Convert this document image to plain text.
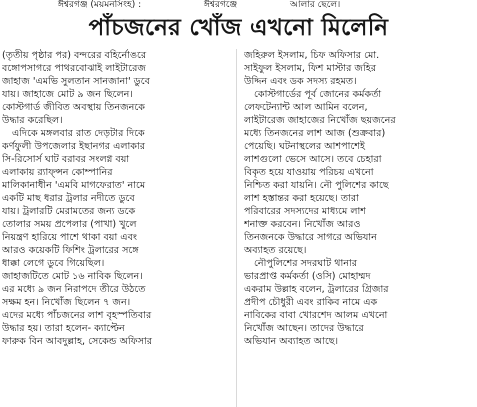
ঈশ্বরগঞ্জ (ময়মনসিংহ) :	ঈশ্বরগঞ্জে	আলার ছেলে।
পাঁচজনের খোঁজ এখনো মিলেনি
(তৃতীয় পৃষ্ঠার পর) বন্দরের বহির্নোঙরে
বঙ্গোপসাগরে পাথরবোঝাই লাইটারেজ
জাহাজ 'এমভি সুলতান সানজানা' ডুবে
যায়। জাহাজে মোট ৯ জন ছিলেন।
কোস্টগার্ড জীবিত অবস্থায় তিনজনকে
উদ্ধার করেছিল।
এদিকে মঙ্গলবার রাত দেড়টার দিকে
কর্ণফুলী উপজেলার ইছানগর এলাকার
সি-রিসোর্স ঘাট বরাবর সংলগ্ন বয়া
এলাকায় র‌্যাফ্ন্সন কোম্পানির
মালিকানাধীন 'এমবি মাগফেরাত' নামে
একটি মাছ ধরার ট্রলার নদীতে ডুবে
যায়। ট্রলারটি মেরামতের জন্য ডকে
তোলার সময় প্রপেলার (পাখা) খুলে
নিয়ন্ত্রণ হারিয়ে পাশে থাকা বয়া এবং
আরও কয়েকটি ফিশিং ট্রলারের সঙ্গে
ধাক্কা লেগে ডুবে গিয়েছিল।
জাহাজটিতে মোট ১৬ নাবিক ছিলেন।
এর মধ্যে ৯ জন নিরাপদে তীরে উঠতে
সক্ষম হন। নিখোঁজ ছিলেন ৭ জন।
এদের মধ্যে পাঁচজনের লাশ বৃহস্পতিবার
উদ্ধার হয়। তারা হলেন- ক্যাপ্টেন
ফারুক বিন আবদুল্লাহ, সেকেন্ড অফিসার
জহিরুল ইসলাম, চিফ অফিসার মো.
সাইফুল ইসলাম, ফিশ মাস্টার জহির
উদ্দিন এবং ডক সদস্য রহমত।
কোস্টগার্ডের পূর্ব জোনের কর্মকর্তা
লেফটেন্যান্ট আল আমিন বলেন,
লাইটারেজ জাহাজের নিখোঁজ ছয়জনের
মধ্যে তিনজনের লাশ আজ (শুক্রবার)
পেয়েছি। ঘটনাস্থলের আশপাশেই
লাশগুলো ভেসে আসে। তবে চেহারা
বিকৃত হয়ে যাওয়ায় পরিচয় এখনো
নিশ্চিত করা যায়নি। নৌ পুলিশের কাছে
লাশ হস্তান্তর করা হয়েছে। তারা
পরিবারের সদস্যদের মাধ্যমে লাশ
শনাক্ত করবেন। নিখোঁজ আরও
তিনজনকে উদ্ধারে সাগরে অভিযান
অব্যাহত রয়েছে।
নৌপুলিশের সদরঘাট থানার
ভারপ্রাপ্ত কর্মকর্তা (ওসি) মোহাম্মদ
একরাম উল্লাহ বলেন, ট্রলারের গ্রিজার
প্রদীপ চৌধুরী এবং রাকিব নামে এক
নাবিকের বাবা খোরশেদ আলম এখনো
নিখোঁজ আছেন। তাদের উদ্ধারে
অভিযান অব্যাহত আছে।
